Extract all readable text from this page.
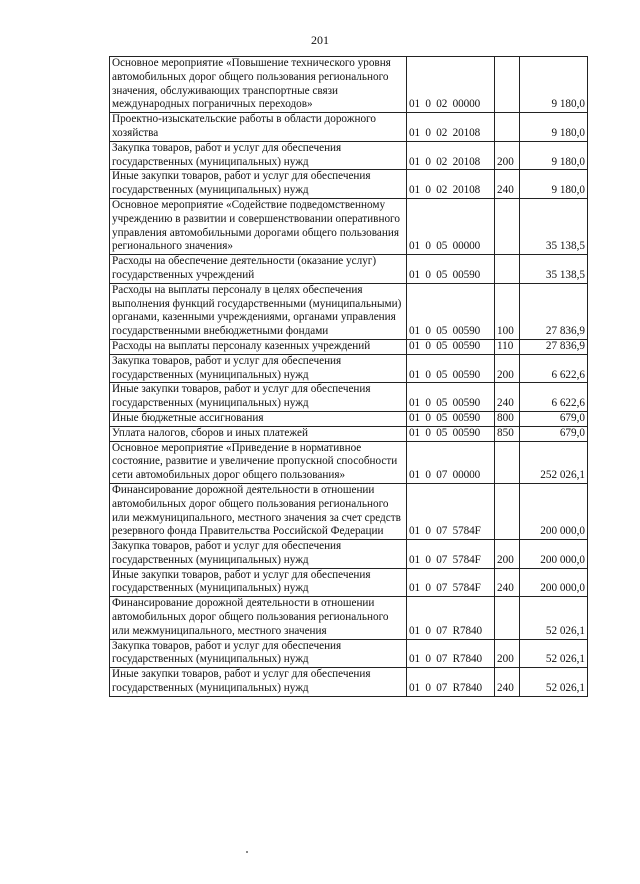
201
Основное мероприятие «Повышение технического уровня автомобильных дорог общего пользования регионального значения, обслуживающих транспортные связи международных пограничных переходов»	01  0  02  00000		9 180,0
Проектно-изыскательские работы в области дорожного хозяйства	01  0  02  20108		9 180,0
Закупка товаров, работ и услуг для обеспечения государственных (муниципальных) нужд	01  0  02  20108	200	9 180,0
Иные закупки товаров, работ и услуг для обеспечения государственных (муниципальных) нужд	01  0  02  20108	240	9 180,0
Основное мероприятие «Содействие подведомственному учреждению в развитии и совершенствовании оперативного управления автомобильными дорогами общего пользования регионального значения»	01  0  05  00000		35 138,5
Расходы на обеспечение деятельности (оказание услуг) государственных учреждений	01  0  05  00590		35 138,5
Расходы на выплаты персоналу в целях обеспечения выполнения функций государственными (муниципальными) органами, казенными учреждениями, органами управления государственными внебюджетными фондами	01  0  05  00590	100	27 836,9
Расходы на выплаты персоналу казенных учреждений	01  0  05  00590	110	27 836,9
Закупка товаров, работ и услуг для обеспечения государственных (муниципальных) нужд	01  0  05  00590	200	6 622,6
Иные закупки товаров, работ и услуг для обеспечения государственных (муниципальных) нужд	01  0  05  00590	240	6 622,6
Иные бюджетные ассигнования	01  0  05  00590	800	679,0
Уплата налогов, сборов и иных платежей	01  0  05  00590	850	679,0
Основное мероприятие «Приведение в нормативное состояние, развитие и увеличение пропускной способности сети автомобильных дорог общего пользования»	01  0  07  00000		252 026,1
Финансирование дорожной деятельности в отношении автомобильных дорог общего пользования регионального или межмуниципального, местного значения за счет средств резервного фонда Правительства Российской Федерации	01  0  07  5784F		200 000,0
Закупка товаров, работ и услуг для обеспечения государственных (муниципальных) нужд	01  0  07  5784F	200	200 000,0
Иные закупки товаров, работ и услуг для обеспечения государственных (муниципальных) нужд	01  0  07  5784F	240	200 000,0
Финансирование дорожной деятельности в отношении автомобильных дорог общего пользования регионального или межмуниципального, местного значения	01  0  07  R7840		52 026,1
Закупка товаров, работ и услуг для обеспечения государственных (муниципальных) нужд	01  0  07  R7840	200	52 026,1
Иные закупки товаров, работ и услуг для обеспечения государственных (муниципальных) нужд	01  0  07  R7840	240	52 026,1
